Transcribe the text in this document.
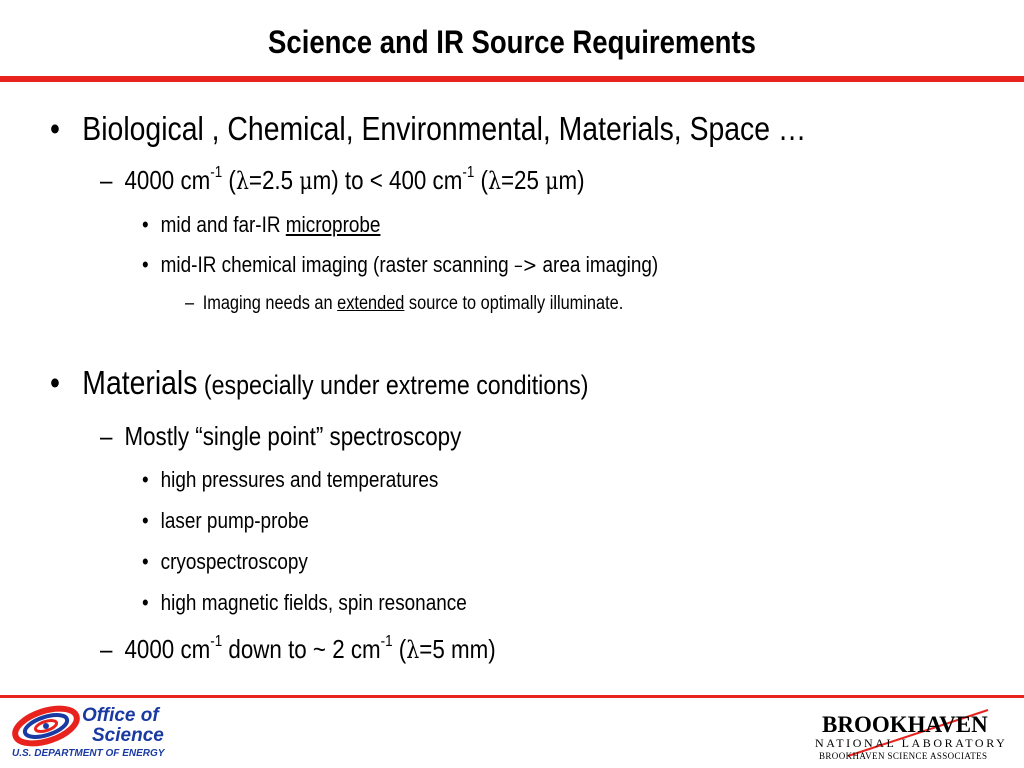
Science and IR Source Requirements
• Biological , Chemical, Environmental, Materials, Space …
– 4000 $cm^{-1}$ (λ=2.5 μm) to < 400 $cm^{-1}$ (λ=25 μm)
• mid and far-IR microprobe
• mid-IR chemical imaging (raster scanning –> area imaging)
– Imaging needs an extended source to optimally illuminate.
• Materials (especially under extreme conditions)
– Mostly “single point” spectroscopy
• high pressures and temperatures
• laser pump-probe
• cryospectroscopy
• high magnetic fields, spin resonance
– 4000 $cm^{-1}$ down to ~ 2 $cm^{-1}$ (λ=5 mm)
Office of
Science
U.S. DEPARTMENT OF ENERGY
BROOKHAVEN
NATIONAL LABORATORY
BROOKHAVEN SCIENCE ASSOCIATES
